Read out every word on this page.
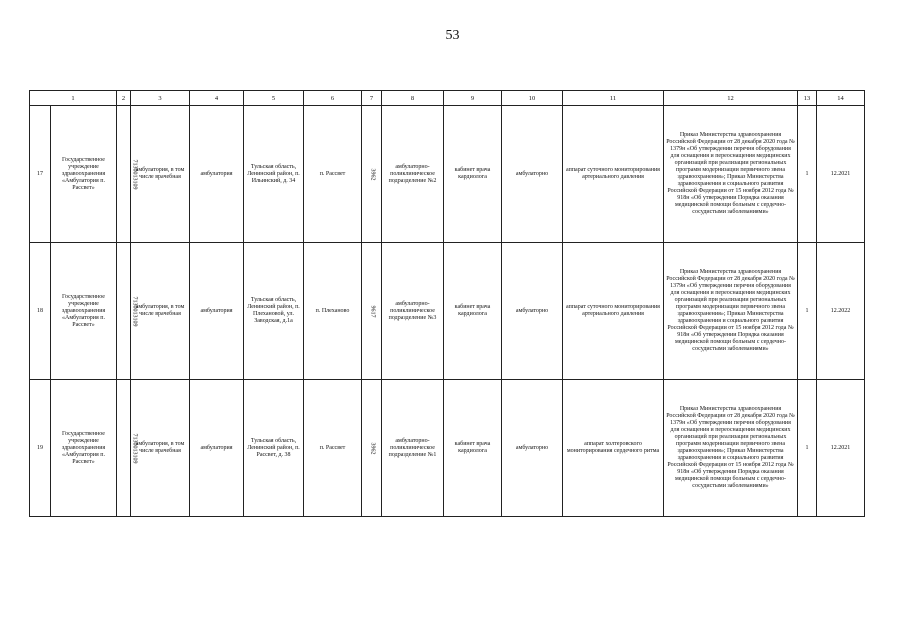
53
1		2	3	4	5	6	7	8	9	10	11	12	13	14
17	Государственное учреждение здравоохранения «Амбулатория п. Рассвет»	7130013109	амбулатория, в том числе врачебная	амбулатория	Тульская область, Ленинский район, п. Ильинский, д. 34	п. Рассвет	3962	амбулаторно-поликлиническое подразделение №2	кабинет врача кардиолога	амбулаторно	аппарат суточного мониторирования артериального давления	Приказ Министерства здравоохранения Российской Федерации от 28 декабря 2020 года № 1379н «Об утверждении перечня оборудования для оснащения и переоснащения медицинских организаций при реализации региональных программ модернизации первичного звена здравоохранения»; Приказ Министерства здравоохранения и социального развития Российской Федерации от 15 ноября 2012 года № 918н «Об утверждении Порядка оказания медицинской помощи больным с сердечно-сосудистыми заболеваниями»	1	12.2021
18	Государственное учреждение здравоохранения «Амбулатория п. Рассвет»	7130013109	амбулатория, в том числе врачебная	амбулатория	Тульская область, Ленинский район, п. Плехановой, ул. Заводская, д.1а	п. Плеханово	9617	амбулаторно-поликлиническое подразделение №3	кабинет врача кардиолога	амбулаторно	аппарат суточного мониторирования артериального давления	Приказ Министерства здравоохранения Российской Федерации от 28 декабря 2020 года № 1379н «Об утверждении перечня оборудования для оснащения и переоснащения медицинских организаций при реализации региональных программ модернизации первичного звена здравоохранения»; Приказ Министерства здравоохранения и социального развития Российской Федерации от 15 ноября 2012 года № 918н «Об утверждении Порядка оказания медицинской помощи больным с сердечно-сосудистыми заболеваниями»	1	12.2022
19	Государственное учреждение здравоохранения «Амбулатория п. Рассвет»	7130013109	амбулатория, в том числе врачебная	амбулатория	Тульская область, Ленинский район, п. Рассвет, д. 38	п. Рассвет	3962	амбулаторно-поликлиническое подразделение №1	кабинет врача кардиолога	амбулаторно	аппарат холтеровского мониторирования сердечного ритма	Приказ Министерства здравоохранения Российской Федерации от 28 декабря 2020 года № 1379н «Об утверждении перечня оборудования для оснащения и переоснащения медицинских организаций при реализации региональных программ модернизации первичного звена здравоохранения»; Приказ Министерства здравоохранения и социального развития Российской Федерации от 15 ноября 2012 года № 918н «Об утверждении Порядка оказания медицинской помощи больным с сердечно-сосудистыми заболеваниями»	1	12.2021
